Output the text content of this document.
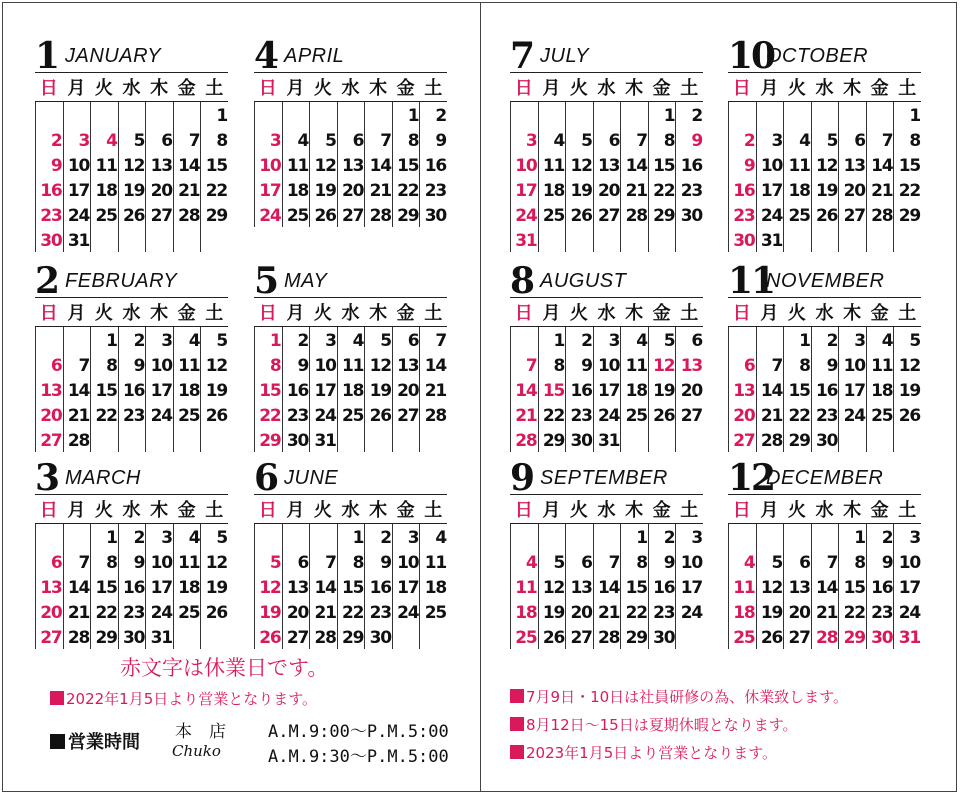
1 JANUARY
日 月 火 水 木 金 土
1
2 3 4 5 6 7 8
9 10 11 12 13 14 15
16 17 18 19 20 21 22
23 24 25 26 27 28 29
30 31
2 FEBRUARY
日 月 火 水 木 金 土
1 2 3 4 5
6 7 8 9 10 11 12
13 14 15 16 17 18 19
20 21 22 23 24 25 26
27 28
3 MARCH
日 月 火 水 木 金 土
1 2 3 4 5
6 7 8 9 10 11 12
13 14 15 16 17 18 19
20 21 22 23 24 25 26
27 28 29 30 31
4 APRIL
日 月 火 水 木 金 土
1 2
3 4 5 6 7 8 9
10 11 12 13 14 15 16
17 18 19 20 21 22 23
24 25 26 27 28 29 30
5 MAY
日 月 火 水 木 金 土
1 2 3 4 5 6 7
8 9 10 11 12 13 14
15 16 17 18 19 20 21
22 23 24 25 26 27 28
29 30 31
6 JUNE
日 月 火 水 木 金 土
1 2 3 4
5 6 7 8 9 10 11
12 13 14 15 16 17 18
19 20 21 22 23 24 25
26 27 28 29 30
7 JULY
日 月 火 水 木 金 土
1 2
3 4 5 6 7 8 9
10 11 12 13 14 15 16
17 18 19 20 21 22 23
24 25 26 27 28 29 30
31
8 AUGUST
日 月 火 水 木 金 土
1 2 3 4 5 6
7 8 9 10 11 12 13
14 15 16 17 18 19 20
21 22 23 24 25 26 27
28 29 30 31
9 SEPTEMBER
日 月 火 水 木 金 土
1 2 3
4 5 6 7 8 9 10
11 12 13 14 15 16 17
18 19 20 21 22 23 24
25 26 27 28 29 30
10
OCTOBER
日 月 火 水 木 金 土
1
2 3 4 5 6 7 8
9 10 11 12 13 14 15
16 17 18 19 20 21 22
23 24 25 26 27 28 29
30 31
11
NOVEMBER
日 月 火 水 木 金 土
1 2 3 4 5
6 7 8 9 10 11 12
13 14 15 16 17 18 19
20 21 22 23 24 25 26
27 28 29 30
12
DECEMBER
日 月 火 水 木 金 土
1 2 3
4 5 6 7 8 9 10
11 12 13 14 15 16 17
18 19 20 21 22 23 24
25 26 27 28 29 30 31
赤文字は休業日です。
2022年1月5日より営業となります。
営業時間 本　店 A.M.9:00〜P.M.5:00
Chuko	A.M.9:30〜P.M.5:00
7月9日・10日は社員研修の為、休業致します。
8月12日〜15日は夏期休暇となります。
2023年1月5日より営業となります。
